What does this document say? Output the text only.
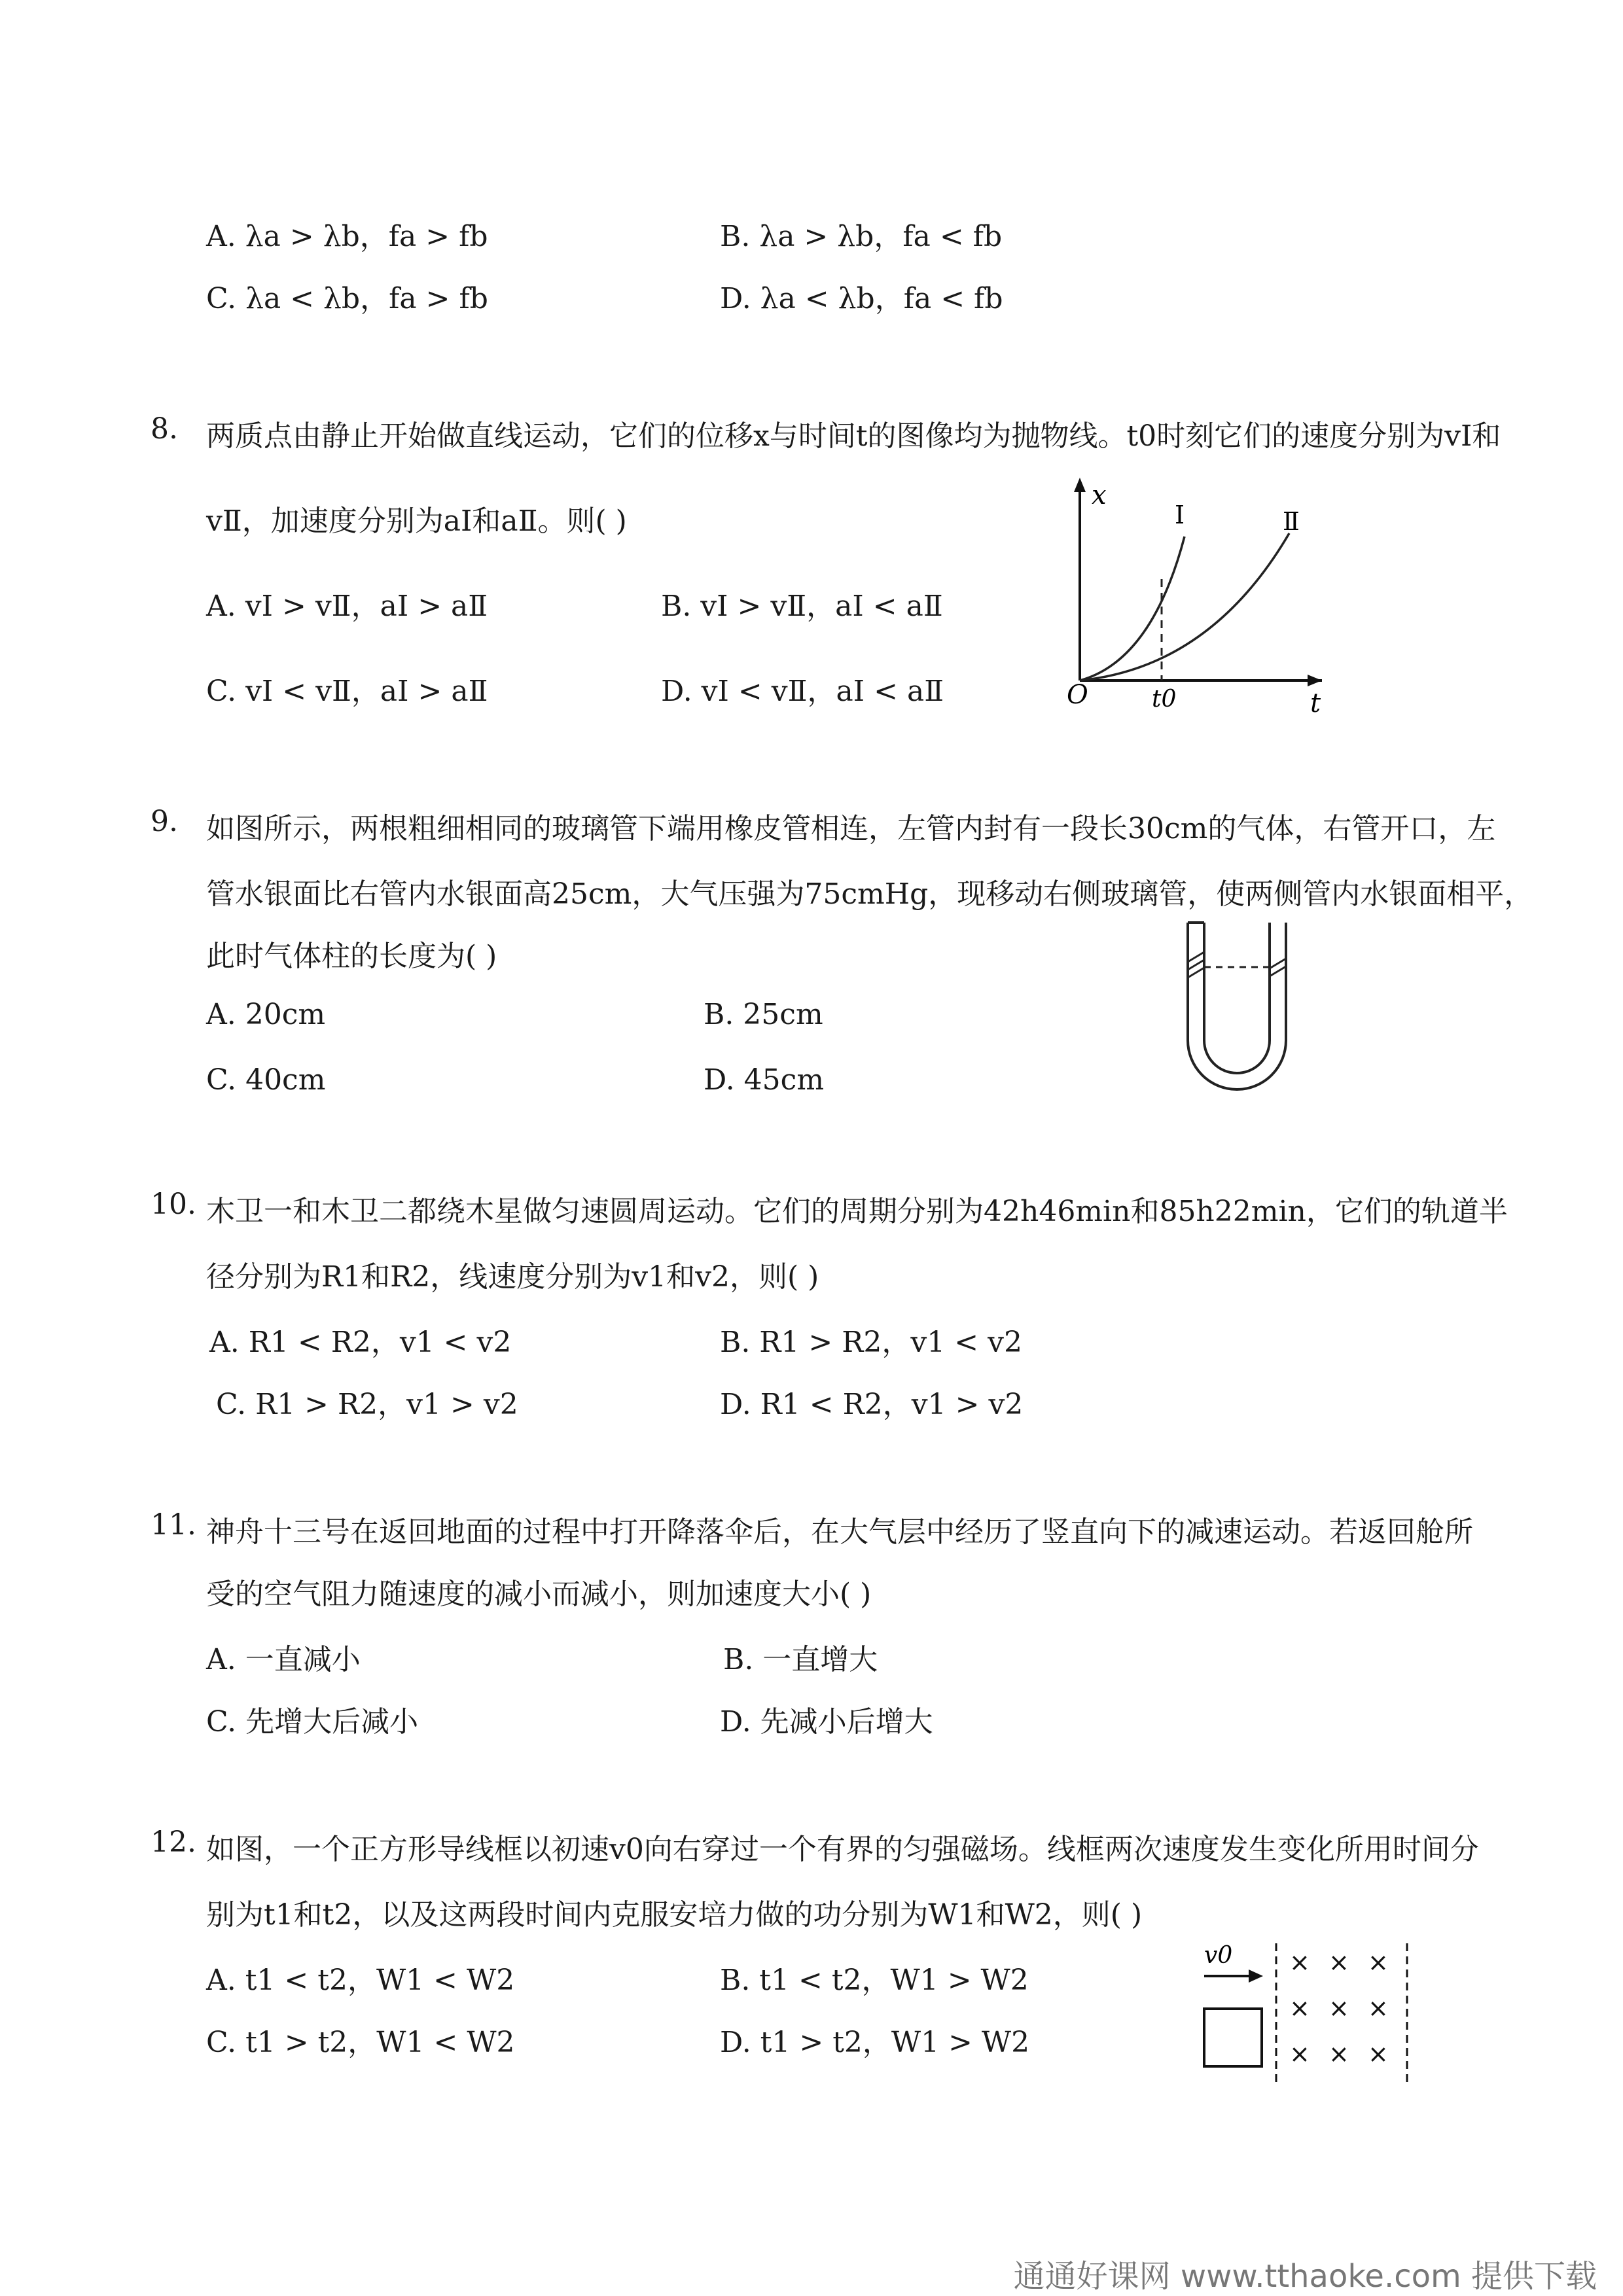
A. λa > λb，fa > fb	B. λa > λb，fa < fb
C. λa < λb，fa > fb	D. λa < λb，fa < fb
8. 两质点由静止开始做直线运动，它们的位移x与时间t的图像均为抛物线。t0时刻它们的速度分别为vⅠ和
vⅡ，加速度分别为aⅠ和aⅡ。则( )
A. vⅠ > vⅡ，aⅠ > aⅡ	B. vⅠ > vⅡ，aⅠ < aⅡ
C. vⅠ < vⅡ，aⅠ > aⅡ	D. vⅠ < vⅡ，aⅠ < aⅡ	O	t
x
Ⅰ	Ⅱ
t0
9. 如图所示，两根粗细相同的玻璃管下端用橡皮管相连，左管内封有一段长30cm的气体，右管开口，左
管水银面比右管内水银面高25cm，大气压强为75cmHg，现移动右侧玻璃管，使两侧管内水银面相平，
此时气体柱的长度为( )
A. 20cm	B. 25cm
C. 40cm	D. 45cm
10. 木卫一和木卫二都绕木星做匀速圆周运动。它们的周期分别为42h46min和85h22min，它们的轨道半
径分别为R1和R2，线速度分别为v1和v2，则( )
A. R1 < R2，v1 < v2	B. R1 > R2，v1 < v2
C. R1 > R2，v1 > v2	D. R1 < R2，v1 > v2
11. 神舟十三号在返回地面的过程中打开降落伞后，在大气层中经历了竖直向下的减速运动。若返回舱所
受的空气阻力随速度的减小而减小，则加速度大小( )
A. 一直减小	B. 一直增大
C. 先增大后减小	D. 先减小后增大
12. 如图，一个正方形导线框以初速v0向右穿过一个有界的匀强磁场。线框两次速度发生变化所用时间分
别为t1和t2，以及这两段时间内克服安培力做的功分别为W1和W2，则( )
A. t1 < t2，W1 < W2	B. t1 < t2，W1 > W2
C. t1 > t2，W1 < W2	D. t1 > t2，W1 > W2
v0 × × ×
× × ×
× × ×
通通好课网 www.tthaoke.com 提供下载
